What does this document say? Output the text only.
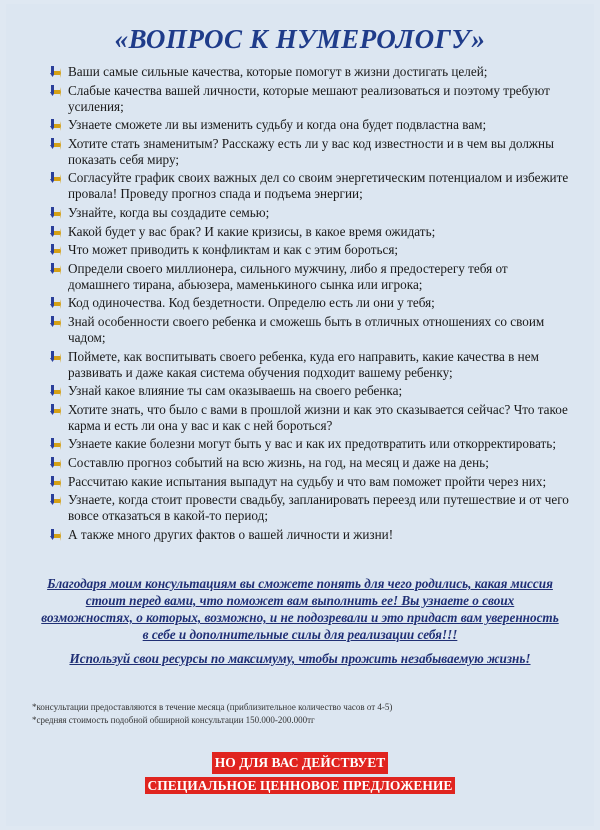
«ВОПРОС К НУМЕРОЛОГУ»
Ваши самые сильные качества, которые помогут в жизни достигать целей;
Слабые качества вашей личности, которые мешают реализоваться и поэтому требуют усиления;
Узнаете сможете ли вы изменить судьбу и когда она будет подвластна вам;
Хотите стать знаменитым? Расскажу есть ли у вас код известности и в чем вы должны показать себя миру;
Согласуйте график своих важных дел со своим энергетическим потенциалом и избежите провала! Проведу прогноз спада и подъема энергии;
Узнайте, когда вы создадите семью;
Какой будет у вас брак? И какие кризисы, в какое время ожидать;
Что может приводить к конфликтам и как с этим бороться;
Определи своего миллионера, сильного мужчину, либо я предостерегу тебя от домашнего тирана, абьюзера, маменькиного сынка или игрока;
Код одиночества. Код бездетности. Определю есть ли они у тебя;
Знай особенности своего ребенка и сможешь быть в отличных отношениях со своим чадом;
Поймете, как воспитывать своего ребенка, куда его направить, какие качества в нем развивать и даже какая система обучения подходит вашему ребенку;
Узнай какое влияние ты сам оказываешь на своего ребенка;
Хотите знать, что было с вами в прошлой жизни и как это сказывается сейчас? Что такое карма и есть ли она у вас и как с ней бороться?
Узнаете какие болезни могут быть у вас и как их предотвратить или откорректировать;
Составлю прогноз событий на всю жизнь, на год, на месяц и даже на день;
Рассчитаю какие испытания выпадут на судьбу и что вам поможет пройти через них;
Узнаете, когда стоит провести свадьбу, запланировать переезд или путешествие и от чего вовсе отказаться в какой-то период;
А также много других фактов о вашей личности и жизни!
Благодаря моим консультациям вы сможете понять для чего родились, какая миссия стоит перед вами, что поможет вам выполнить ее! Вы узнаете о своих возможностях, о которых, возможно, и не подозревали и это придаст вам уверенность в себе и дополнительные силы для реализации себя!!!
Используй свои ресурсы по максимуму, чтобы прожить незабываемую жизнь!
*консультации предоставляются в течение месяца (приблизительное количество часов от 4-5)
*средняя стоимость подобной обширной консультации 150.000-200.000тг
НО ДЛЯ ВАС ДЕЙСТВУЕТ
СПЕЦИАЛЬНОЕ ЦЕННОВОЕ ПРЕДЛОЖЕНИЕ
